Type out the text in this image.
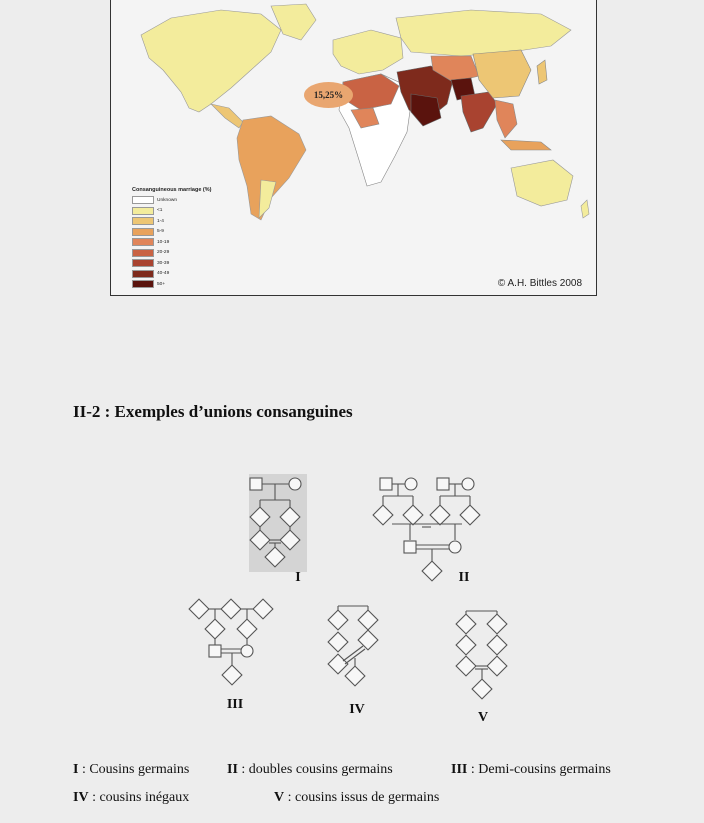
15,25%
Consanguineous marriage (%)
Unknown
<1
1-4
5-9
10-19
20-29
30-39
40-49
50+	© A.H. Bittles 2008
II-2 : Exemples d’unions consanguines
I	II
III	IV
V
I : Cousins germains	II : doubles cousins germains	III : Demi-cousins germains
IV : cousins inégaux	V : cousins issus de germains
